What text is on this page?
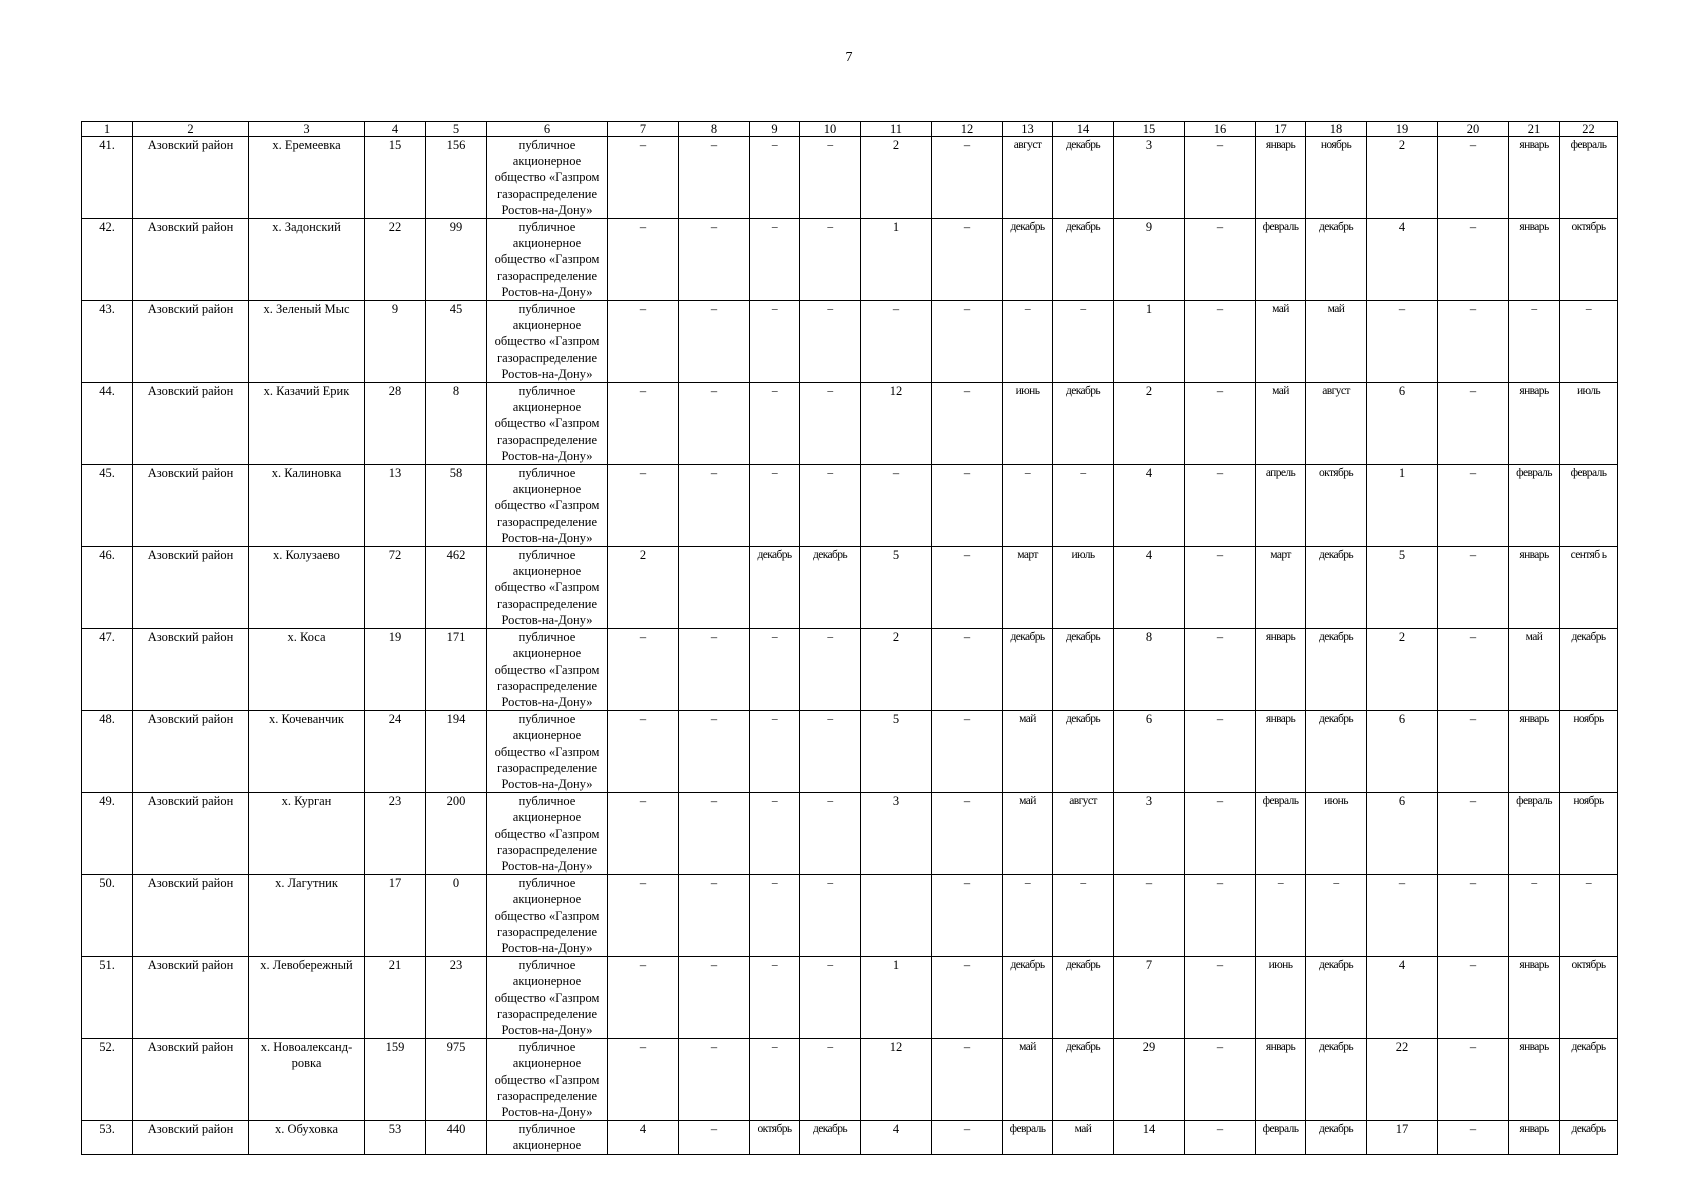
7
1	2	3	4	5	6	7	8	9	10	11	12	13	14	15	16	17	18	19	20	21	22
41.	Азовский район	х. Еремеевка	15	156	публичное акционерное общество «Газпром газораспределение Ростов-на-Дону»	–	–	–	–	2	–	август	декабрь	3	–	январь	ноябрь	2	–	январь	февраль
42.	Азовский район	х. Задонский	22	99	публичное акционерное общество «Газпром газораспределение Ростов-на-Дону»	–	–	–	–	1	–	декабрь	декабрь	9	–	февраль	декабрь	4	–	январь	октябрь
43.	Азовский район	х. Зеленый Мыс	9	45	публичное акционерное общество «Газпром газораспределение Ростов-на-Дону»	–	–	–	–	–	–	–	–	1	–	май	май	–	–	–	–
44.	Азовский район	х. Казачий Ерик	28	8	публичное акционерное общество «Газпром газораспределение Ростов-на-Дону»	–	–	–	–	12	–	июнь	декабрь	2	–	май	август	6	–	январь	июль
45.	Азовский район	х. Калиновка	13	58	публичное акционерное общество «Газпром газораспределение Ростов-на-Дону»	–	–	–	–	–	–	–	–	4	–	апрель	октябрь	1	–	февраль	февраль
46.	Азовский район	х. Колузаево	72	462	публичное акционерное общество «Газпром газораспределение Ростов-на-Дону»	2		декабрь	декабрь	5	–	март	июль	4	–	март	декабрь	5	–	январь	сентяб ь
47.	Азовский район	х. Коса	19	171	публичное акционерное общество «Газпром газораспределение Ростов-на-Дону»	–	–	–	–	2	–	декабрь	декабрь	8	–	январь	декабрь	2	–	май	декабрь
48.	Азовский район	х. Кочеванчик	24	194	публичное акционерное общество «Газпром газораспределение Ростов-на-Дону»	–	–	–	–	5	–	май	декабрь	6	–	январь	декабрь	6	–	январь	ноябрь
49.	Азовский район	х. Курган	23	200	публичное акционерное общество «Газпром газораспределение Ростов-на-Дону»	–	–	–	–	3	–	май	август	3	–	февраль	июнь	6	–	февраль	ноябрь
50.	Азовский район	х. Лагутник	17	0	публичное акционерное общество «Газпром газораспределение Ростов-на-Дону»	–	–	–	–		–	–	–	–	–	–	–	–	–	–	–
51.	Азовский район	х. Левобережный	21	23	публичное акционерное общество «Газпром газораспределение Ростов-на-Дону»	–	–	–	–	1	–	декабрь	декабрь	7	–	июнь	декабрь	4	–	январь	октябрь
52.	Азовский район	х. Новоалександ-ровка	159	975	публичное акционерное общество «Газпром газораспределение Ростов-на-Дону»	–	–	–	–	12	–	май	декабрь	29	–	январь	декабрь	22	–	январь	декабрь
53.	Азовский район	х. Обуховка	53	440	публичное акционерное	4	–	октябрь	декабрь	4	–	февраль	май	14	–	февраль	декабрь	17	–	январь	декабрь
